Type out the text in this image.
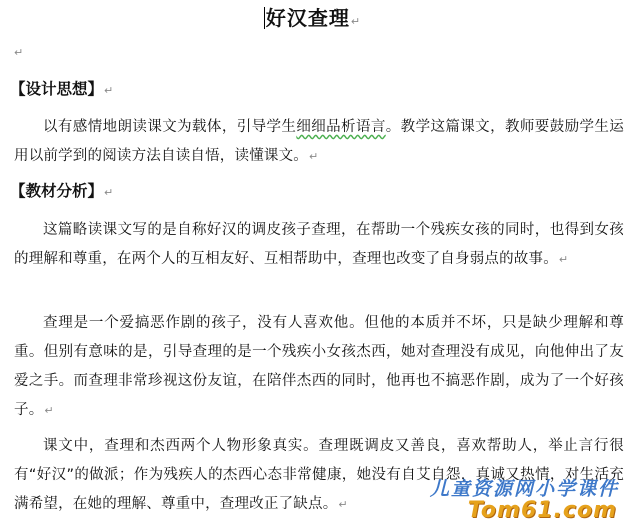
好汉查理↵
↵
【设计思想】↵
以有感情地朗读课文为载体，引导学生细细品析语言。教学这篇课文，教师要鼓励学生运用以前学到的阅读方法自读自悟，读懂课文。↵
【教材分析】↵
这篇略读课文写的是自称好汉的调皮孩子查理，在帮助一个残疾女孩的同时，也得到女孩的理解和尊重，在两个人的互相友好、互相帮助中，查理也改变了自身弱点的故事。↵
查理是一个爱搞恶作剧的孩子，没有人喜欢他。但他的本质并不坏，只是缺少理解和尊重。但别有意味的是，引导查理的是一个残疾小女孩杰西，她对查理没有成见，向他伸出了友爱之手。而查理非常珍视这份友谊，在陪伴杰西的同时，他再也不搞恶作剧，成为了一个好孩子。↵
课文中，查理和杰西两个人物形象真实。查理既调皮又善良，喜欢帮助人，举止言行很有“好汉”的做派；作为残疾人的杰西心态非常健康，她没有自艾自怨，真诚又热情，对生活充满希望，在她的理解、尊重中，查理改正了缺点。↵
儿童资源网小学课件
Tom61.com
